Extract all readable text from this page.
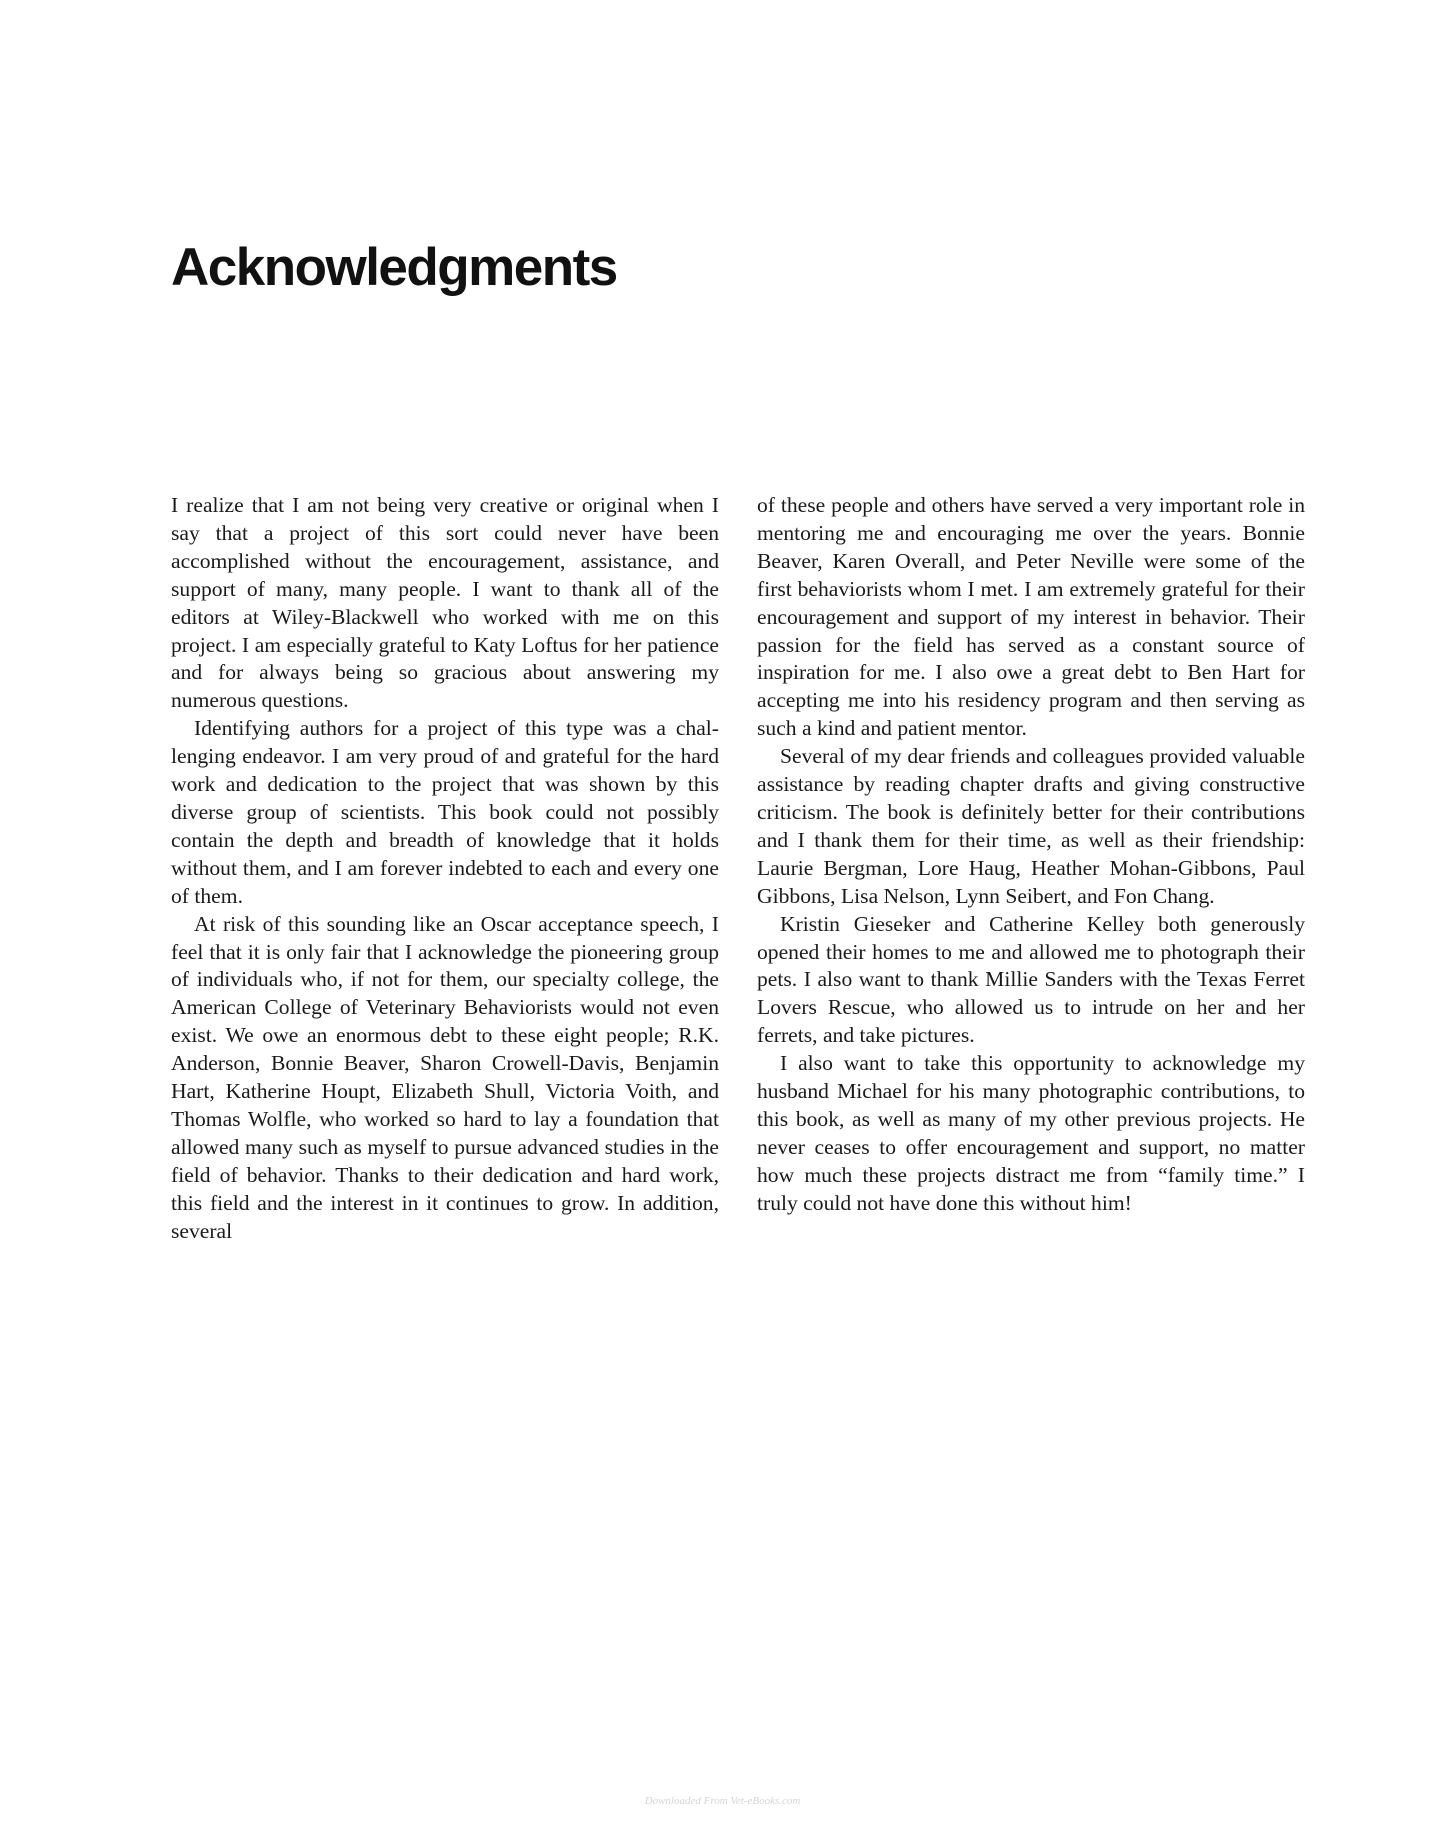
Acknowledgments

I realize that I am not being very creative or original when I say that a project of this sort could never have been accomplished without the encouragement, assistance, and support of many, many people. I want to thank all of the editors at Wiley-Blackwell who worked with me on this project. I am especially grateful to Katy Loftus for her patience and for always being so gracious about answering my numerous questions.

Identifying authors for a project of this type was a challenging endeavor. I am very proud of and grateful for the hard work and dedication to the project that was shown by this diverse group of scientists. This book could not possibly contain the depth and breadth of knowledge that it holds without them, and I am forever indebted to each and every one of them.

At risk of this sounding like an Oscar acceptance speech, I feel that it is only fair that I acknowledge the pioneering group of individuals who, if not for them, our specialty college, the American College of Veterinary Behaviorists would not even exist. We owe an enormous debt to these eight people; R.K. Anderson, Bonnie Beaver, Sharon Crowell-Davis, Benjamin Hart, Katherine Houpt, Elizabeth Shull, Victoria Voith, and Thomas Wolfle, who worked so hard to lay a foundation that allowed many such as myself to pursue advanced studies in the field of behavior. Thanks to their dedication and hard work, this field and the interest in it continues to grow. In addition, several

of these people and others have served a very important role in mentoring me and encouraging me over the years. Bonnie Beaver, Karen Overall, and Peter Neville were some of the first behaviorists whom I met. I am extremely grateful for their encouragement and support of my interest in behavior. Their passion for the field has served as a constant source of inspiration for me. I also owe a great debt to Ben Hart for accepting me into his residency program and then serving as such a kind and patient mentor.

Several of my dear friends and colleagues provided valuable assistance by reading chapter drafts and giving constructive criticism. The book is definitely better for their contributions and I thank them for their time, as well as their friendship: Laurie Bergman, Lore Haug, Heather Mohan-Gibbons, Paul Gibbons, Lisa Nelson, Lynn Seibert, and Fon Chang.

Kristin Gieseker and Catherine Kelley both generously opened their homes to me and allowed me to photograph their pets. I also want to thank Millie Sanders with the Texas Ferret Lovers Rescue, who allowed us to intrude on her and her ferrets, and take pictures.

I also want to take this opportunity to acknowledge my husband Michael for his many photographic contributions, to this book, as well as many of my other previous projects. He never ceases to offer encouragement and support, no matter how much these projects distract me from “family time.” I truly could not have done this without him!

Downloaded From Vet-eBooks.com
